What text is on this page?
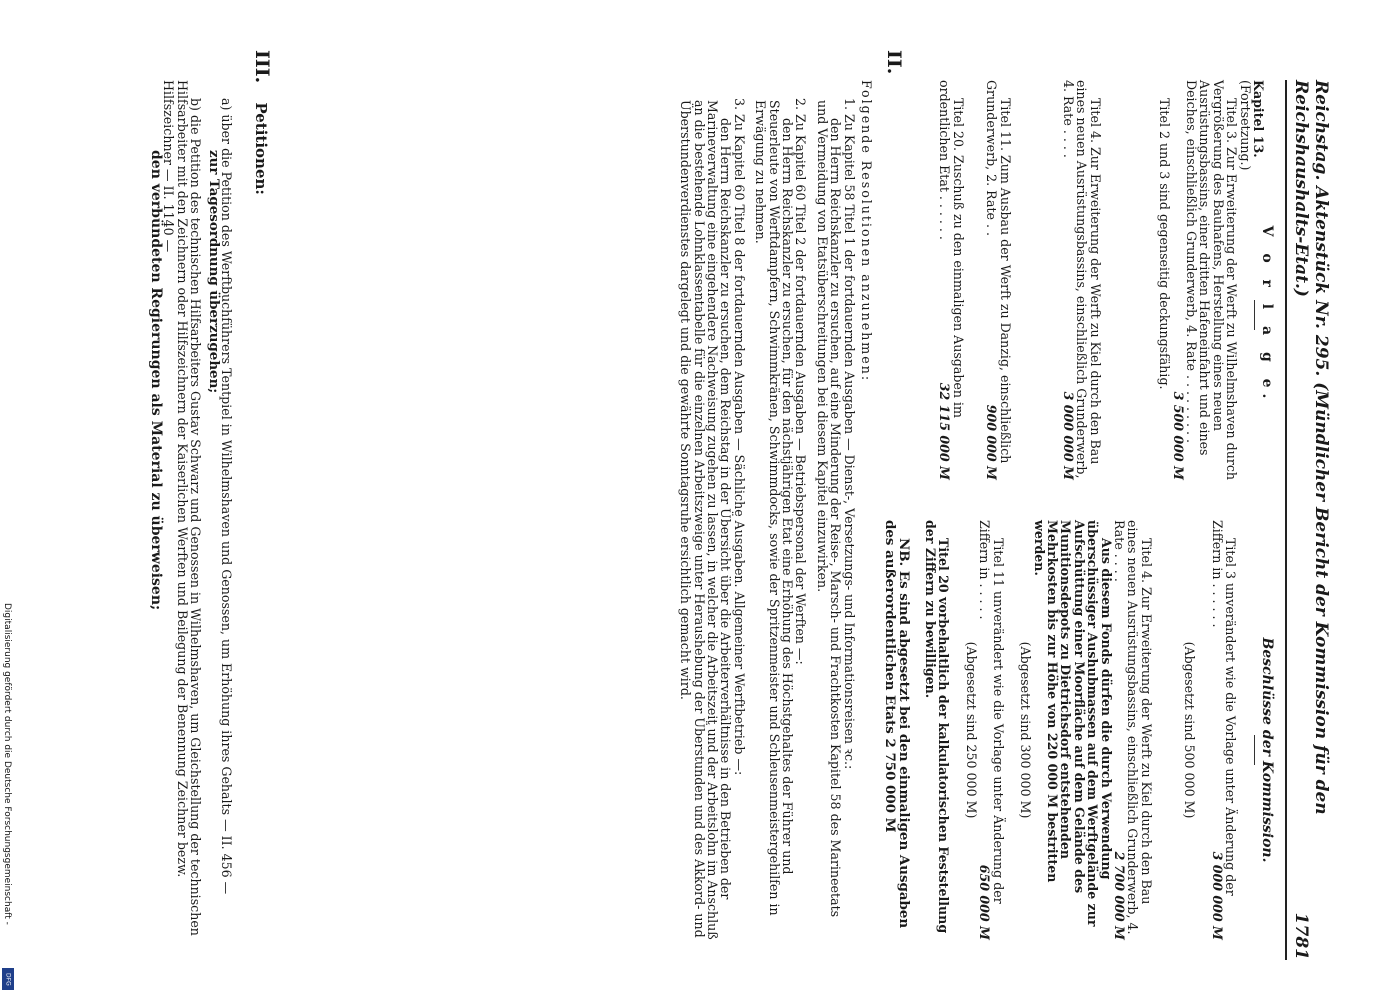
Reichstag. Aktenstück Nr. 295. (Mündlicher Bericht der Kommission für den Reichshaushalts-Etat.)
1781
V o r l a g e.
Beschlüsse der Kommission.
Kapitel 13.
(Fortsetzung.)
Titel 3. Zur Erweiterung der Werft zu Wilhelmshaven durch Vergrößerung des Bauhafens, Herstellung eines neuen Ausrüstungsbassins, einer dritten Hafeneinfahrt und eines Deiches, einschließlich Grunderwerb, 4. Rate . . . . . . . . .
3 500 000 M
Titel 2 und 3 sind gegenseitig deckungsfähig.
Titel 4. Zur Erweiterung der Werft zu Kiel durch den Bau eines neuen Ausrüstungsbassins, einschließlich Grunderwerb, 4. Rate . . . .
3 000 000 M
Titel 11. Zum Ausbau der Werft zu Danzig, einschließlich Grunderwerb, 2. Rate . .
900 000 M
Titel 20. Zuschuß zu den einmaligen Ausgaben im ordentlichen Etat . . . . . .
32 115 000 M
Titel 3 unverändert wie die Vorlage unter Änderung der Ziffern in . . . . . .
3 000 000 M
(Abgesetzt sind 500 000 M)
Titel 4. Zur Erweiterung der Werft zu Kiel durch den Bau eines neuen Ausrüstungsbassins, einschließlich Grunderwerb, 4. Rate . . . .
2 700 000 M
Aus diesem Fonds dürfen die durch Verwendung überschüssiger Aushubmassen auf dem Werftgelände zur Aufschüttung einer Moorfläche auf dem Gelände des Munitionsdepots zu Dietrichsdorf entstehenden Mehrkosten bis zur Höhe von 220 000 M bestritten werden.
(Abgesetzt sind 300 000 M)
Titel 11 unverändert wie die Vorlage unter Änderung der Ziffern in . . . . .
650 000 M
(Abgesetzt sind 250 000 M)
Titel 20 vorbehaltlich der kalkulatorischen Feststellung der Ziffern zu bewilligen.
NB. Es sind abgesetzt bei den einmaligen Ausgaben des außerordentlichen Etats 2 750 000 M
II.
Folgende Resolutionen anzunehmen:
1. Zu Kapitel 58 Titel 1 der fortdauernden Ausgaben — Dienst-, Versetzungs- und Informationsreisen ꝛc.:
den Herrn Reichskanzler zu ersuchen, auf eine Minderung der Reise-, Marsch- und Frachtkosten Kapitel 58 des Marineetats und Vermeidung von Etatsüberschreitungen bei diesem Kapitel einzuwirken.
2. Zu Kapitel 60 Titel 2 der fortdauernden Ausgaben — Betriebspersonal der Werften —:
den Herrn Reichskanzler zu ersuchen, für den nächstjährigen Etat eine Erhöhung des Höchstgehaltes der Führer und Steuerleute von Werftdampfern, Schwimmkränen, Schwimmdocks, sowie der Spritzenmeister und Schleusenmeistergehilfen in Erwägung zu nehmen.
3. Zu Kapitel 60 Titel 8 der fortdauernden Ausgaben — Sächliche Ausgaben. Allgemeiner Werftbetrieb —:
den Herrn Reichskanzler zu ersuchen, dem Reichstag in der Übersicht über die Arbeiterverhältnisse in den Betrieben der Marineverwaltung eine eingehendere Nachweisung zugehen zu lassen, in welcher die Arbeitszeit und der Arbeitslohn im Anschluß an die bestehende Lohnklassentabelle für die einzelnen Arbeitszweige unter Heraushebung der Überstunden und des Akkord- und Überstundenverdienstes dargelegt und die gewährte Sonntagsruhe ersichtlich gemacht wird.
III. Petitionen:
a) über die Petition des Werftbuchführers Tentpiel in Wilhelmshaven und Genossen, um Erhöhung ihres Gehalts — II. 456 —
zur Tagesordnung überzugehen;
b) die Petition des technischen Hilfsarbeiters Gustav Schwarz und Genossen in Wilhelmshaven, um Gleichstellung der technischen Hilfsarbeiter mit den Zeichnern oder Hilfszeichnern der Kaiserlichen Werften und Beilegung der Benennung Zeichner bezw. Hilfszeichner — II. 1140 —
den verbündeten Regierungen als Material zu überweisen;
Digitalisierung gefördert durch die Deutsche Forschungsgemeinschaft -
DFG
